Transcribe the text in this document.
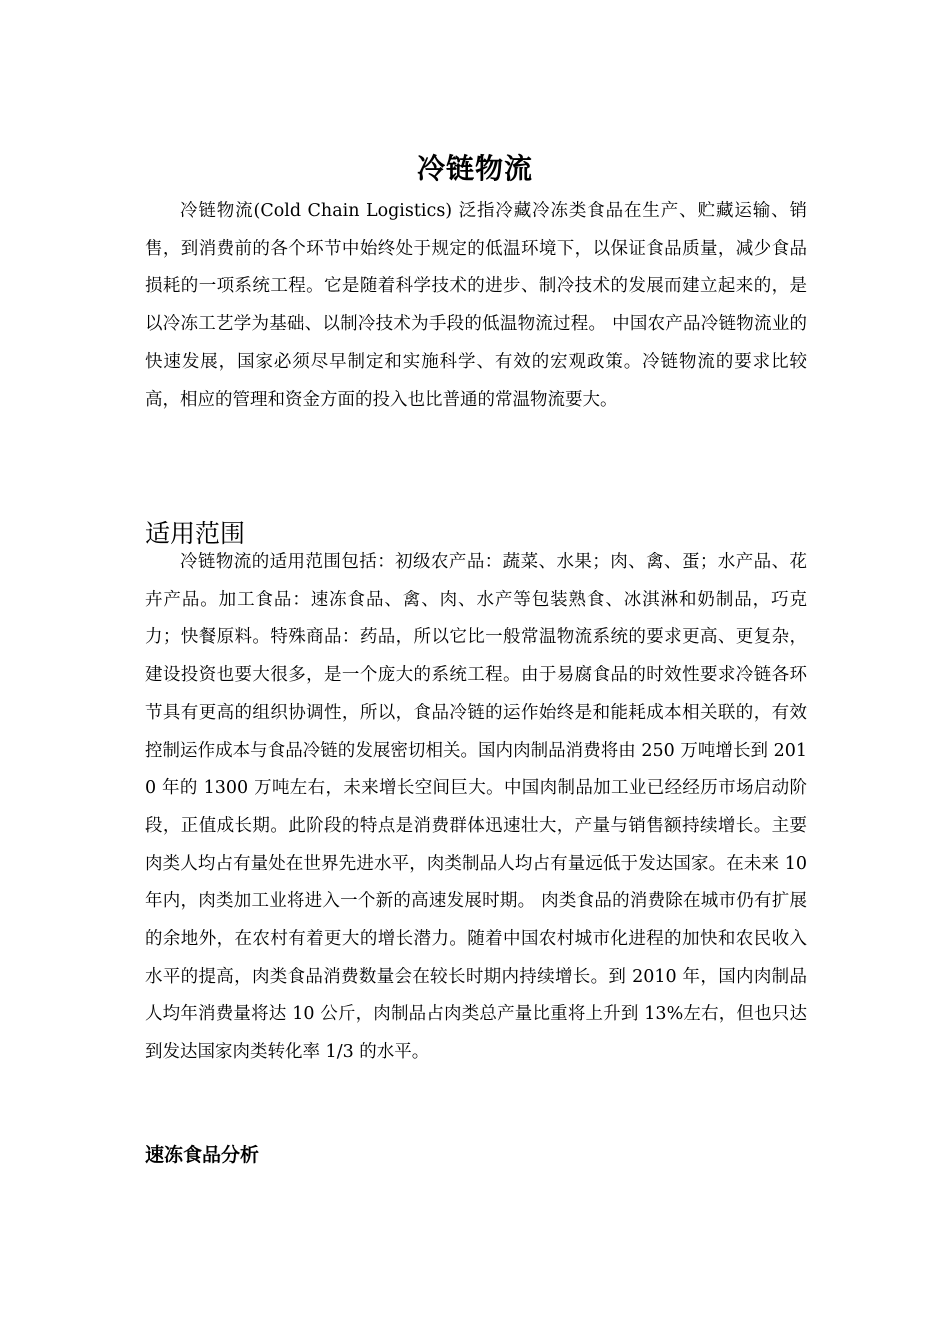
冷链物流

冷链物流(Cold Chain Logistics) 泛指冷藏冷冻类食品在生产、贮藏运输、销售，到消费前的各个环节中始终处于规定的低温环境下，以保证食品质量，减少食品损耗的一项系统工程。它是随着科学技术的进步、制冷技术的发展而建立起来的，是以冷冻工艺学为基础、以制冷技术为手段的低温物流过程。 中国农产品冷链物流业的快速发展，国家必须尽早制定和实施科学、有效的宏观政策。冷链物流的要求比较高，相应的管理和资金方面的投入也比普通的常温物流要大。

适用范围

冷链物流的适用范围包括：初级农产品：蔬菜、水果；肉、禽、蛋；水产品、花卉产品。加工食品：速冻食品、禽、肉、水产等包装熟食、冰淇淋和奶制品，巧克力；快餐原料。特殊商品：药品，所以它比一般常温物流系统的要求更高、更复杂，建设投资也要大很多，是一个庞大的系统工程。由于易腐食品的时效性要求冷链各环节具有更高的组织协调性，所以，食品冷链的运作始终是和能耗成本相关联的，有效控制运作成本与食品冷链的发展密切相关。国内肉制品消费将由 250 万吨增长到 2010 年的 1300 万吨左右，未来增长空间巨大。中国肉制品加工业已经经历市场启动阶段，正值成长期。此阶段的特点是消费群体迅速壮大，产量与销售额持续增长。主要肉类人均占有量处在世界先进水平，肉类制品人均占有量远低于发达国家。在未来 10 年内，肉类加工业将进入一个新的高速发展时期。 肉类食品的消费除在城市仍有扩展的余地外，在农村有着更大的增长潜力。随着中国农村城市化进程的加快和农民收入水平的提高，肉类食品消费数量会在较长时期内持续增长。到 2010 年，国内肉制品人均年消费量将达 10 公斤，肉制品占肉类总产量比重将上升到 13%左右，但也只达到发达国家肉类转化率 1/3 的水平。

速冻食品分析
